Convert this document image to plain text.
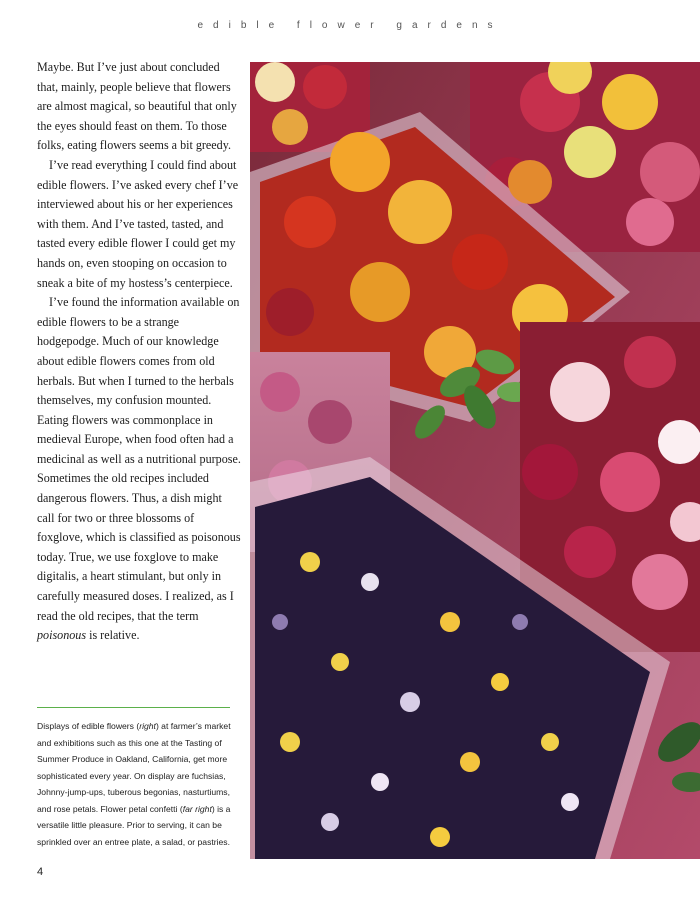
edible flower gardens

Maybe. But I’ve just about concluded that, mainly, people believe that flowers are almost magical, so beautiful that only the eyes should feast on them. To those folks, eating flowers seems a bit greedy.

I’ve read everything I could find about edible flowers. I’ve asked every chef I’ve interviewed about his or her experiences with them. And I’ve tasted, tasted, and tasted every edible flower I could get my hands on, even stooping on occasion to sneak a bite of my hostess’s centerpiece.

I’ve found the information available on edible flowers to be a strange hodgepodge. Much of our knowledge about edible flowers comes from old herbals. But when I turned to the herbals themselves, my confusion mounted. Eating flowers was commonplace in medieval Europe, when food often had a medicinal as well as a nutritional purpose. Sometimes the old recipes included dangerous flowers. Thus, a dish might call for two or three blossoms of foxglove, which is classified as poisonous today. True, we use foxglove to make digitalis, a heart stimulant, but only in carefully measured doses. I realized, as I read the old recipes, that the term poisonous is relative.

Displays of edible flowers (right) at farmer’s market and exhibitions such as this one at the Tasting of Summer Produce in Oakland, California, get more sophisticated every year. On display are fuchsias, Johnny-jump-ups, tuberous begonias, nasturtiums, and rose petals. Flower petal confetti (far right) is a versatile little pleasure. Prior to serving, it can be sprinkled over an entree plate, a salad, or pastries.
4
